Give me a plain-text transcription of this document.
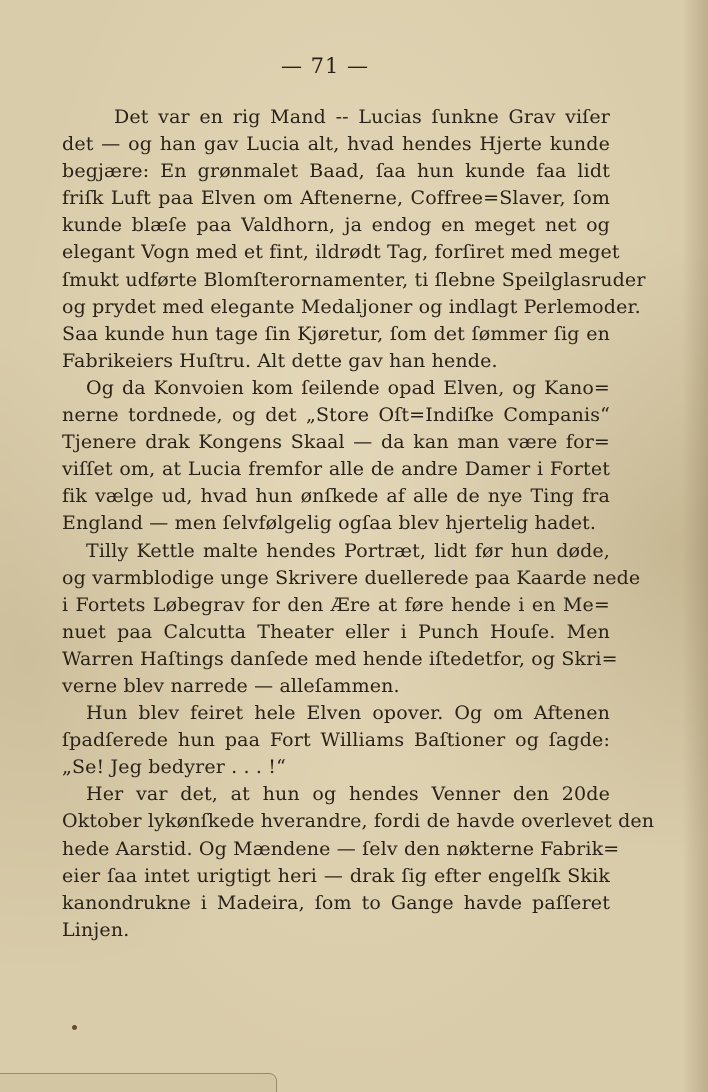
— 71 —
Det var en rig Mand -- Lucias ſunkne Grav viſer
det — og han gav Lucia alt, hvad hendes Hjerte kunde
begjære: En grønmalet Baad, ſaa hun kunde faa lidt
friſk Luft paa Elven om Aftenerne, Coffree=Slaver, ſom
kunde blæſe paa Valdhorn, ja endog en meget net og
elegant Vogn med et fint, ildrødt Tag, forſiret med meget
ſmukt udførte Blomſterornamenter, ti ſlebne Speilglasruder
og prydet med elegante Medaljoner og indlagt Perlemoder.
Saa kunde hun tage ſin Kjøretur, ſom det ſømmer ſig en
Fabrikeiers Huſtru. Alt dette gav han hende.
Og da Konvoien kom ſeilende opad Elven, og Kano=
nerne tordnede, og det „Store Oſt=Indiſke Companis“
Tjenere drak Kongens Skaal — da kan man være for=
viſſet om, at Lucia fremfor alle de andre Damer i Fortet
fik vælge ud, hvad hun ønſkede af alle de nye Ting fra
England — men ſelvfølgelig ogſaa blev hjertelig hadet.
Tilly Kettle malte hendes Portræt, lidt før hun døde,
og varmblodige unge Skrivere duellerede paa Kaarde nede
i Fortets Løbegrav for den Ære at føre hende i en Me=
nuet paa Calcutta Theater eller i Punch Houſe. Men
Warren Haſtings danſede med hende iſtedetfor, og Skri=
verne blev narrede — alleſammen.
Hun blev feiret hele Elven opover. Og om Aftenen
ſpadſerede hun paa Fort Williams Baſtioner og ſagde:
„Se! Jeg bedyrer . . . !“
Her var det, at hun og hendes Venner den 20de
Oktober lykønſkede hverandre, fordi de havde overlevet den
hede Aarstid. Og Mændene — ſelv den nøkterne Fabrik=
eier ſaa intet urigtigt heri — drak ſig efter engelſk Skik
kanondrukne i Madeira, ſom to Gange havde paſſeret
Linjen.
